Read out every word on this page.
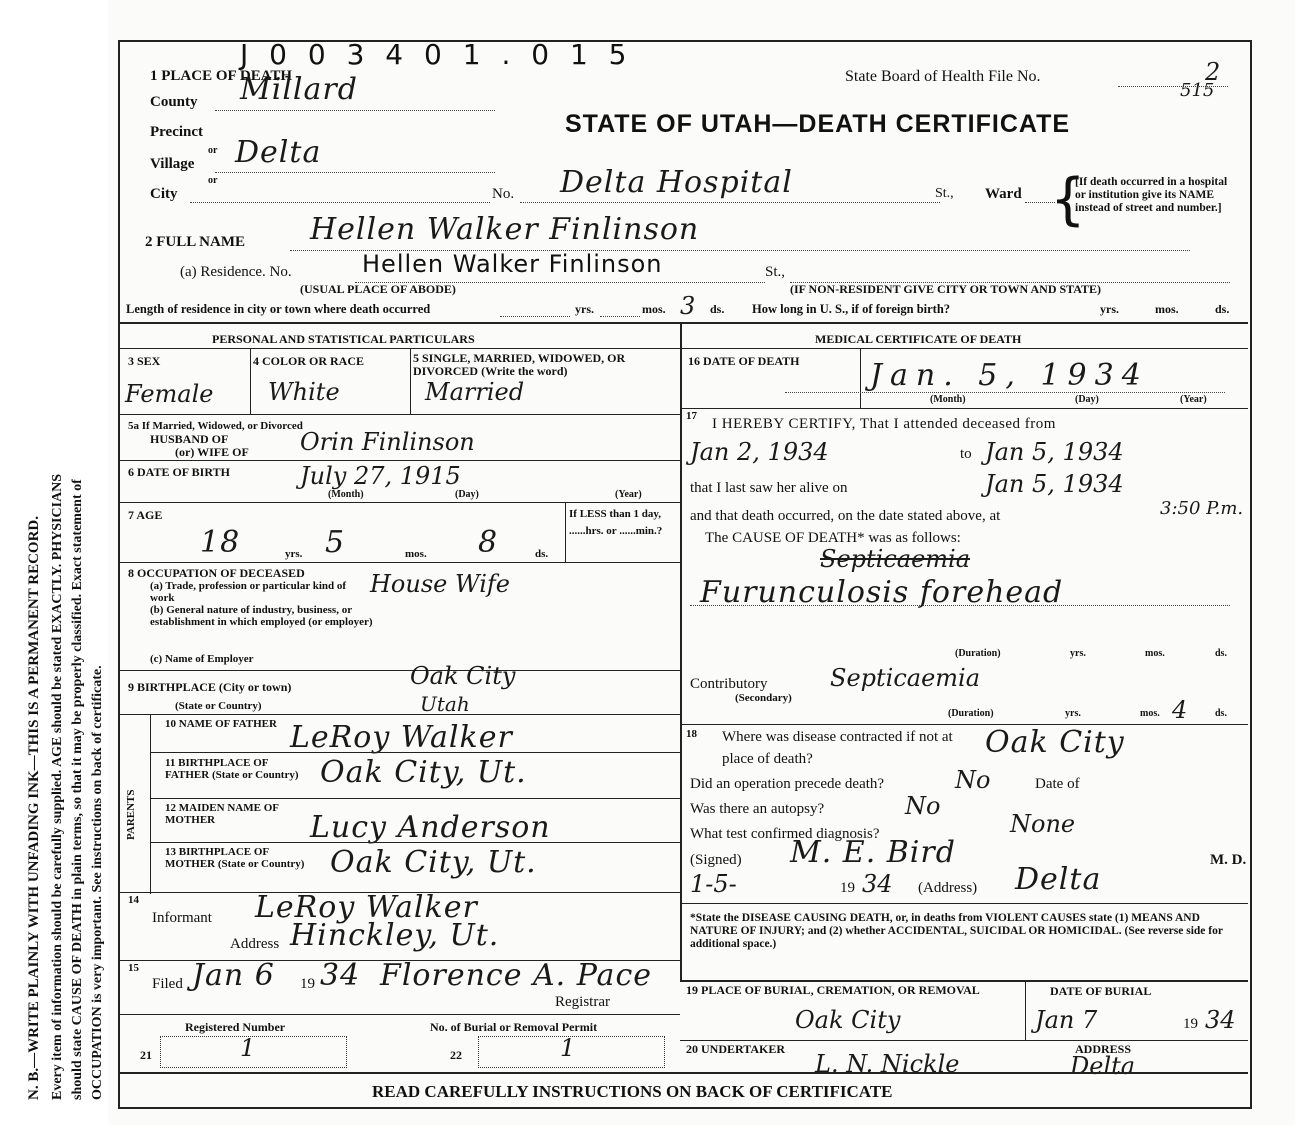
N. B.—WRITE PLAINLY WITH UNFADING INK—THIS IS A PERMANENT RECORD. Every item of information should be carefully supplied. AGE should be stated EXACTLY. PHYSICIANS should state CAUSE OF DEATH in plain terms, so that it may be properly classified. Exact statement of OCCUPATION is very important. See instructions on back of certificate.
J 0 0 3 4 0 1 . 0 1 5
State Board of Health File No.	2
515
STATE OF UTAH—DEATH CERTIFICATE
1 PLACE OF DEATH
County Millard
Precinct
or
Village Delta
or
City	No. Delta Hospital	St., Ward {
[If death occurred in a hospital or institution give its NAME instead of street and number.]
2 FULL NAME Hellen Walker Finlinson
(a) Residence. No.	Hellen Walker Finlinson	St.,
(USUAL PLACE OF ABODE)	(IF NON-RESIDENT GIVE CITY OR TOWN AND STATE)
Length of residence in city or town where death occurred	yrs.	mos. 3 ds. How long in U. S., if of foreign birth?	yrs.	mos.	ds.
PERSONAL AND STATISTICAL PARTICULARS
3 SEX	4 COLOR OR RACE	5 SINGLE, MARRIED, WIDOWED, OR DIVORCED (Write the word)
Female White	Married
5a If Married, Widowed, or Divorced
HUSBAND OF
(or) WIFE OF Orin Finlinson
6 DATE OF BIRTH	July 27, 1915
(Month)	(Day)	(Year)
7 AGE
18	yrs. 5	mos. 8	ds.
If LESS than 1 day, ......hrs. or ......min.?
8 OCCUPATION OF DECEASED
(a) Trade, profession or particular kind of work	House Wife
(b) General nature of industry, business, or establishment in which employed (or employer)
(c) Name of Employer
9 BIRTHPLACE (City or town)	Oak City
(State or Country)	Utah
PARENTS
10 NAME OF FATHER LeRoy Walker
11 BIRTHPLACE OF FATHER (State or Country) Oak City, Ut.
12 MAIDEN NAME OF MOTHER	Lucy Anderson
13 BIRTHPLACE OF MOTHER (State or Country) Oak City, Ut.
14
Informant LeRoy Walker
Address Hinckley, Ut.
15
Filed Jan 6 19 34 Florence A. Pace
Registrar
Registered Number	No. of Burial or Removal Permit
21	1	22	1
MEDICAL CERTIFICATE OF DEATH
16 DATE OF DEATH Jan. 5, 1934
(Month)	(Day)	(Year)
17 I HEREBY CERTIFY, That I attended deceased from
Jan 2, 1934	to Jan 5, 1934
that I last saw her alive on	Jan 5, 1934
and that death occurred, on the date stated above, at	3:50 P.m.
The CAUSE OF DEATH* was as follows:
Septicaemia
Furunculosis forehead
(Duration)	yrs.	mos.	ds.
Contributory
(Secondary)
Septicaemia
(Duration)	yrs.	mos. 4	ds.
18 Where was disease contracted if not at place of death?	Oak City
Did an operation precede death?	No	Date of
Was there an autopsy?	No
What test confirmed diagnosis?	None
(Signed) M. E. Bird	M. D.
1-5-	19 34 (Address) Delta
*State the DISEASE CAUSING DEATH, or, in deaths from VIOLENT CAUSES state (1) MEANS AND NATURE OF INJURY; and (2) whether ACCIDENTAL, SUICIDAL OR HOMICIDAL. (See reverse side for additional space.)
19 PLACE OF BURIAL, CREMATION, OR REMOVAL
Oak City
DATE OF BURIAL
Jan 7	19 34
20 UNDERTAKER
L. N. Nickle
ADDRESS
Delta
READ CAREFULLY INSTRUCTIONS ON BACK OF CERTIFICATE
